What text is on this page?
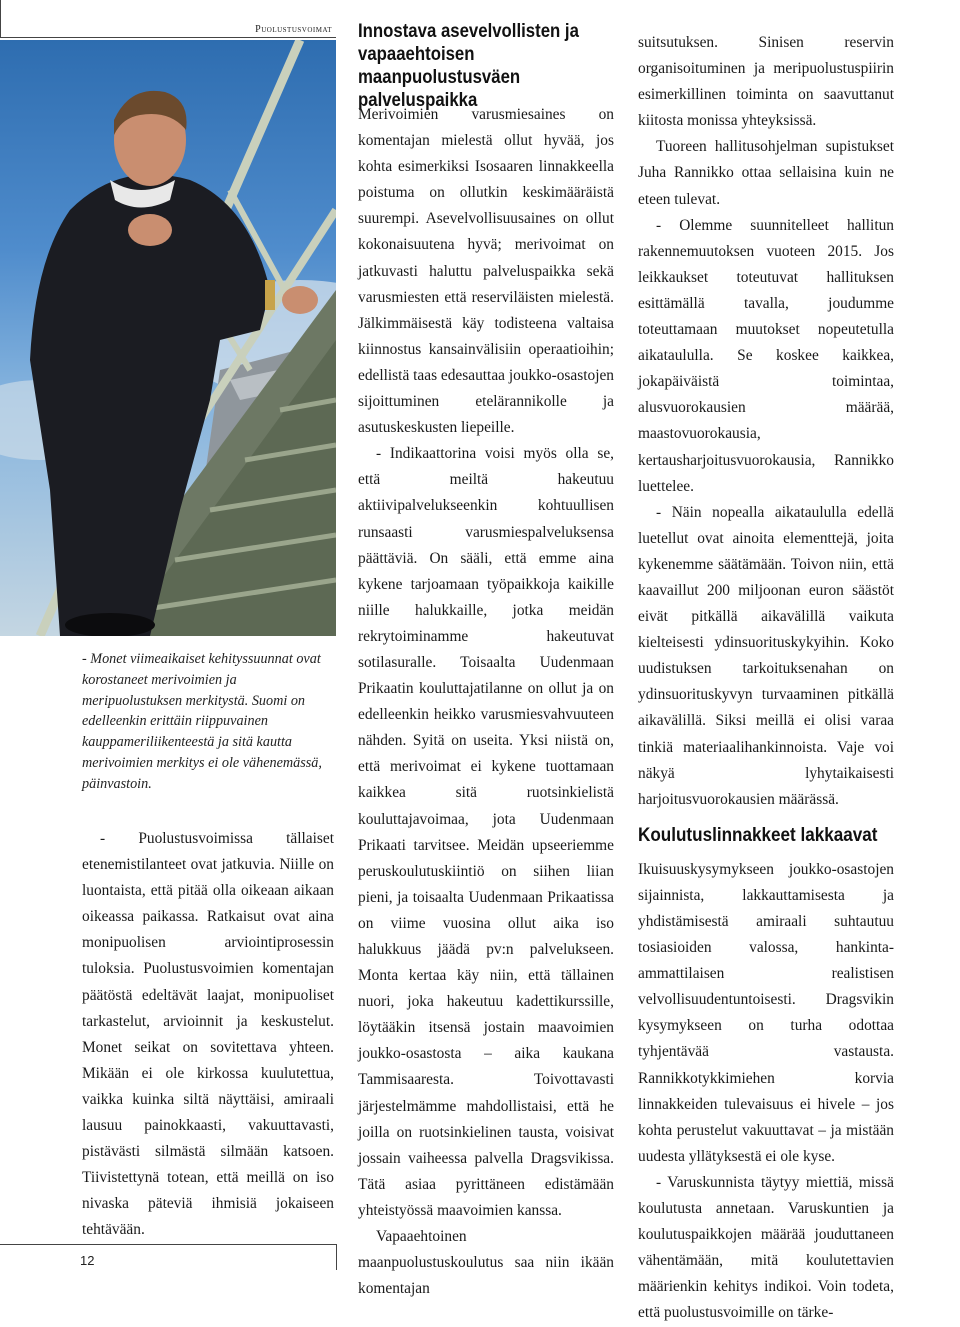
Puolustusvoimat
- Monet viimeaikaiset kehityssuunnat ovat korostaneet merivoimien ja meripuolustuksen merkitystä. Suomi on edelleenkin erittäin riippuvainen kauppameriliikenteestä ja sitä kautta merivoimien merkitys ei ole vähenemässä, päinvastoin.

- Puolustusvoimissa tällaiset etenemistilanteet ovat jatkuvia. Niille on luontaista, että pitää olla oikeaan aikaan oikeassa paikassa. Ratkaisut ovat aina monipuolisen arviointiprosessin tuloksia. Puolustusvoimien komentajan päätöstä edeltävät laajat, monipuoliset tarkastelut, arvioinnit ja keskustelut. Monet seikat on sovitettava yhteen. Mikään ei ole kirkossa kuulutettua, vaikka kuinka siltä näyttäisi, amiraali lausuu painokkaasti, vakuuttavasti, pistävästi silmästä silmään katsoen. Tiivistettynä totean, että meillä on iso nivaska päteviä ihmisiä jokaiseen tehtävään.

Innostava asevelvollisten ja vapaaehtoisen maanpuolustusväen palveluspaikka

Merivoimien varusmiesaines on komentajan mielestä ollut hyvää, jos kohta esimerkiksi Isosaaren linnakkeella poistuma on ollutkin keskimääräistä suurempi. Asevelvollisuusaines on ollut kokonaisuutena hyvä; merivoimat on jatkuvasti haluttu palveluspaikka sekä varusmiesten että reserviläisten mielestä. Jälkimmäisestä käy todisteena valtaisa kiinnostus kansainvälisiin operaatioihin; edellistä taas edesauttaa joukko-osastojen sijoittuminen etelärannikolle ja asutuskeskusten liepeille.

- Indikaattorina voisi myös olla se, että meiltä hakeutuu aktiivipalvelukseenkin kohtuullisen runsaasti varusmiespalveluksensa päättäviä. On sääli, että emme aina kykene tarjoamaan työpaikkoja kaikille niille halukkaille, jotka meidän rekrytoiminamme hakeutuvat sotilasuralle. Toisaalta Uudenmaan Prikaatin kouluttajatilanne on ollut ja on edelleenkin heikko varusmiesvahvuuteen nähden. Syitä on useita. Yksi niistä on, että merivoimat ei kykene tuottamaan kaikkea sitä ruotsinkielistä kouluttajavoimaa, jota Uudenmaan Prikaati tarvitsee. Meidän upseeriemme peruskoulutuskiintiö on siihen liian pieni, ja toisaalta Uudenmaan Prikaatissa on viime vuosina ollut aika iso halukkuus jäädä pv:n palvelukseen. Monta kertaa käy niin, että tällainen nuori, joka hakeutuu kadettikurssille, löytääkin itsensä jostain maavoimien joukko-osastosta – aika kaukana Tammisaaresta. Toivottavasti järjestelmämme mahdollistaisi, että he joilla on ruotsinkielinen tausta, voisivat jossain vaiheessa palvella Dragsvikissa. Tätä asiaa pyrittäneen edistämään yhteistyössä maavoimien kanssa.

Vapaaehtoinen maanpuolustuskoulutus saa niin ikään komentajan

suitsutuksen. Sinisen reservin organisoituminen ja meripuolustuspiirin esimerkillinen toiminta on saavuttanut kiitosta monissa yhteyksissä.

Tuoreen hallitusohjelman supistukset Juha Rannikko ottaa sellaisina kuin ne eteen tulevat.

- Olemme suunnitelleet hallitun rakennemuutoksen vuoteen 2015. Jos leikkaukset toteutuvat hallituksen esittämällä tavalla, joudumme toteuttamaan muutokset nopeutetulla aikataululla. Se koskee kaikkea, jokapäiväistä toimintaa, alusvuorokausien määrää, maastovuorokausia, kertausharjoitusvuorokausia, Rannikko luettelee.

- Näin nopealla aikataululla edellä luetellut ovat ainoita elementtejä, joita kykenemme säätämään. Toivon niin, että kaavaillut 200 miljoonan euron säästöt eivät pitkällä aikavälillä vaikuta kielteisesti ydinsuorituskykyihin. Koko uudistuksen tarkoituksenahan on ydinsuorituskyvyn turvaaminen pitkällä aikavälillä. Siksi meillä ei olisi varaa tinkiä materiaalihankinnoista. Vaje voi näkyä lyhytaikaisesti harjoitusvuorokausien määrässä.

Koulutuslinnakkeet lakkaavat

Ikuisuuskysymykseen joukko-osastojen sijainnista, lakkauttamisesta ja yhdistämisestä amiraali suhtautuu tosiasioiden valossa, hankinta-ammattilaisen realistisen velvollisuudentuntoisesti. Dragsvikin kysymykseen on turha odottaa tyhjentävää vastausta. Rannikkotykkimiehen korvia linnakkeiden tulevaisuus ei hivele – jos kohta perustelut vakuuttavat – ja mistään uudesta yllätyksestä ei ole kyse.

- Varuskunnista täytyy miettiä, missä koulutusta annetaan. Varuskuntien ja koulutuspaikkojen määrää jouduttaneen vähentämään, mitä koulutettavien määrienkin kehitys indikoi. Voin todeta, että puolustusvoimille on tärke-

12
